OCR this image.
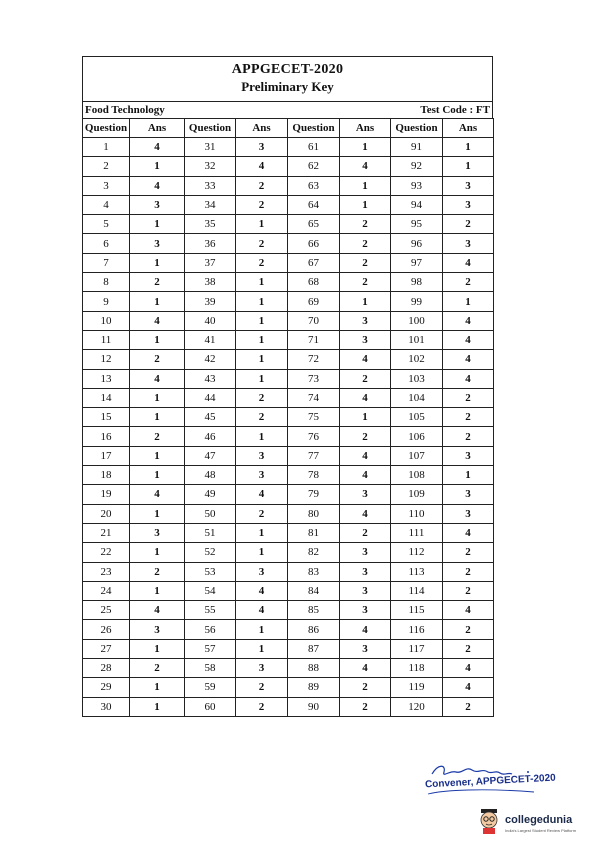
APPGECET-2020
Preliminary Key
Food Technology	Test Code : FT
Question	Ans	Question	Ans	Question	Ans	Question	Ans
1	4	31	3	61	1	91	1
2	1	32	4	62	4	92	1
3	4	33	2	63	1	93	3
4	3	34	2	64	1	94	3
5	1	35	1	65	2	95	2
6	3	36	2	66	2	96	3
7	1	37	2	67	2	97	4
8	2	38	1	68	2	98	2
9	1	39	1	69	1	99	1
10	4	40	1	70	3	100	4
11	1	41	1	71	3	101	4
12	2	42	1	72	4	102	4
13	4	43	1	73	2	103	4
14	1	44	2	74	4	104	2
15	1	45	2	75	1	105	2
16	2	46	1	76	2	106	2
17	1	47	3	77	4	107	3
18	1	48	3	78	4	108	1
19	4	49	4	79	3	109	3
20	1	50	2	80	4	110	3
21	3	51	1	81	2	111	4
22	1	52	1	82	3	112	2
23	2	53	3	83	3	113	2
24	1	54	4	84	3	114	2
25	4	55	4	85	3	115	4
26	3	56	1	86	4	116	2
27	1	57	1	87	3	117	2
28	2	58	3	88	4	118	4
29	1	59	2	89	2	119	4
30	1	60	2	90	2	120	2
Convener, APPGECET-2020
collegedunia
India's Largest Student Review Platform
